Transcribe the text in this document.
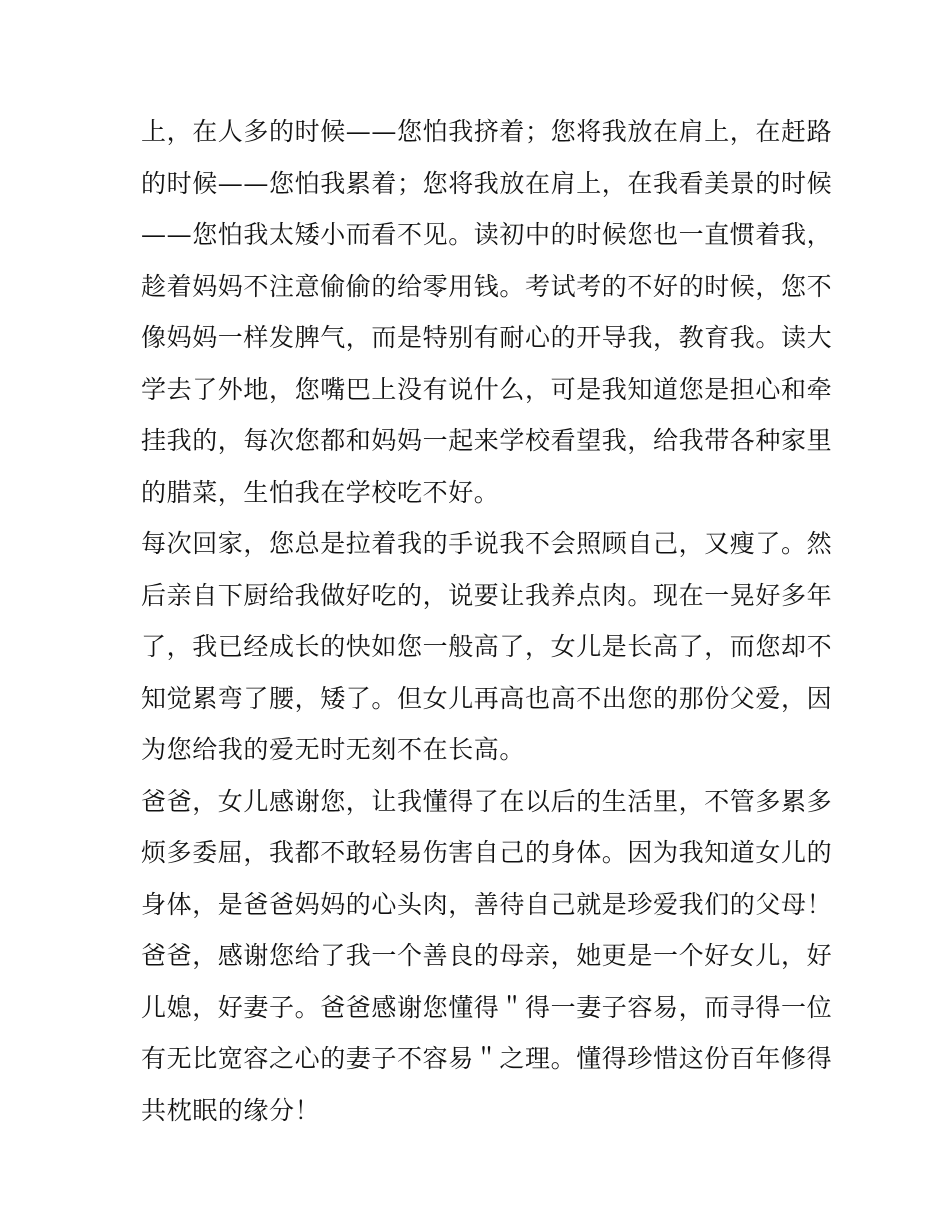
上，在人多的时候——您怕我挤着；您将我放在肩上，在赶路
的时候——您怕我累着；您将我放在肩上，在我看美景的时候
——您怕我太矮小而看不见。读初中的时候您也一直惯着我，
趁着妈妈不注意偷偷的给零用钱。考试考的不好的时候，您不
像妈妈一样发脾气，而是特别有耐心的开导我，教育我。读大
学去了外地，您嘴巴上没有说什么，可是我知道您是担心和牵
挂我的，每次您都和妈妈一起来学校看望我，给我带各种家里
的腊菜，生怕我在学校吃不好。
每次回家，您总是拉着我的手说我不会照顾自己，又瘦了。然
后亲自下厨给我做好吃的，说要让我养点肉。现在一晃好多年
了，我已经成长的快如您一般高了，女儿是长高了，而您却不
知觉累弯了腰，矮了。但女儿再高也高不出您的那份父爱，因
为您给我的爱无时无刻不在长高。
爸爸，女儿感谢您，让我懂得了在以后的生活里，不管多累多
烦多委屈，我都不敢轻易伤害自己的身体。因为我知道女儿的
身体，是爸爸妈妈的心头肉，善待自己就是珍爱我们的父母！
爸爸，感谢您给了我一个善良的母亲，她更是一个好女儿，好
儿媳，好妻子。爸爸感谢您懂得＂得一妻子容易，而寻得一位
有无比宽容之心的妻子不容易＂之理。懂得珍惜这份百年修得
共枕眠的缘分！
